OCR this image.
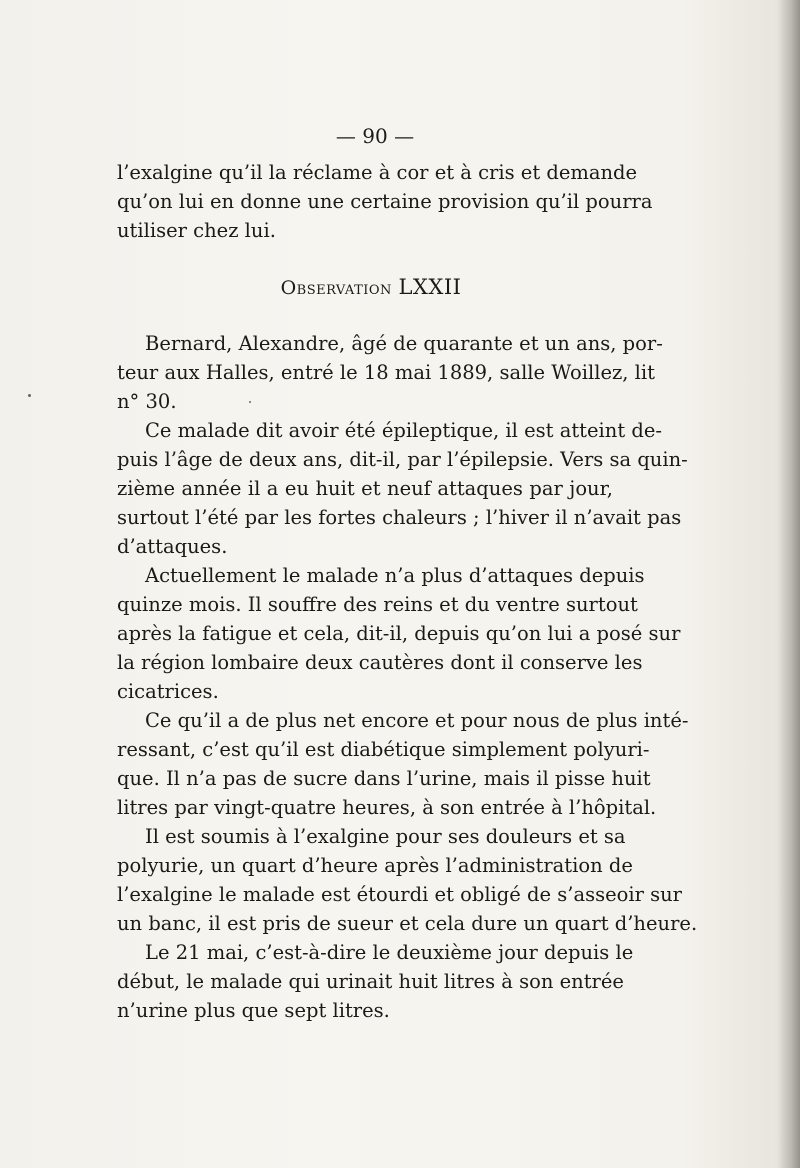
— 90 —
l’exalgine qu’il la réclame à cor et à cris et demande
qu’on lui en donne une certaine provision qu’il pourra
utiliser chez lui.
Observation LXXII
Bernard, Alexandre, âgé de quarante et un ans, por-
teur aux Halles, entré le 18 mai 1889, salle Woillez, lit
n° 30.
Ce malade dit avoir été épileptique, il est atteint de-
puis l’âge de deux ans, dit-il, par l’épilepsie. Vers sa quin-
zième année il a eu huit et neuf attaques par jour,
surtout l’été par les fortes chaleurs ; l’hiver il n’avait pas
d’attaques.
Actuellement le malade n’a plus d’attaques depuis
quinze mois. Il souffre des reins et du ventre surtout
après la fatigue et cela, dit-il, depuis qu’on lui a posé sur
la région lombaire deux cautères dont il conserve les
cicatrices.
Ce qu’il a de plus net encore et pour nous de plus inté-
ressant, c’est qu’il est diabétique simplement polyuri-
que. Il n’a pas de sucre dans l’urine, mais il pisse huit
litres par vingt-quatre heures, à son entrée à l’hôpital.
Il est soumis à l’exalgine pour ses douleurs et sa
polyurie, un quart d’heure après l’administration de
l’exalgine le malade est étourdi et obligé de s’asseoir sur
un banc, il est pris de sueur et cela dure un quart d’heure.
Le 21 mai, c’est-à-dire le deuxième jour depuis le
début, le malade qui urinait huit litres à son entrée
n’urine plus que sept litres.
